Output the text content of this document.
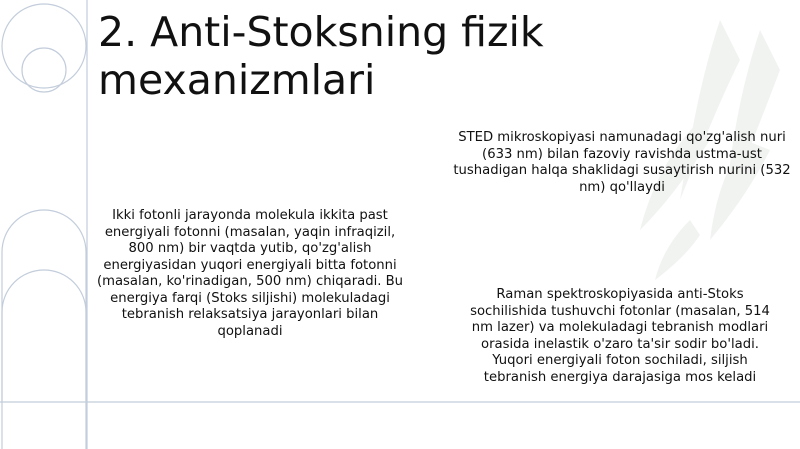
2. Anti-Stoksning fizik
mexanizmlari
Ikki fotonli jarayonda molekula ikkita past energiyali fotonni (masalan, yaqin infraqizil, 800 nm) bir vaqtda yutib, qo'zg'alish energiyasidan yuqori energiyali bitta fotonni (masalan, ko'rinadigan, 500 nm) chiqaradi. Bu energiya farqi (Stoks siljishi) molekuladagi tebranish relaksatsiya jarayonlari bilan qoplanadi
STED mikroskopiyasi namunadagi qo'zg'alish nuri (633 nm) bilan fazoviy ravishda ustma-ust tushadigan halqa shaklidagi susaytirish nurini (532 nm) qo'llaydi
Raman spektroskopiyasida anti-Stoks sochilishida tushuvchi fotonlar (masalan, 514 nm lazer) va molekuladagi tebranish modlari orasida inelastik o'zaro ta'sir sodir bo'ladi. Yuqori energiyali foton sochiladi, siljish tebranish energiya darajasiga mos keladi
